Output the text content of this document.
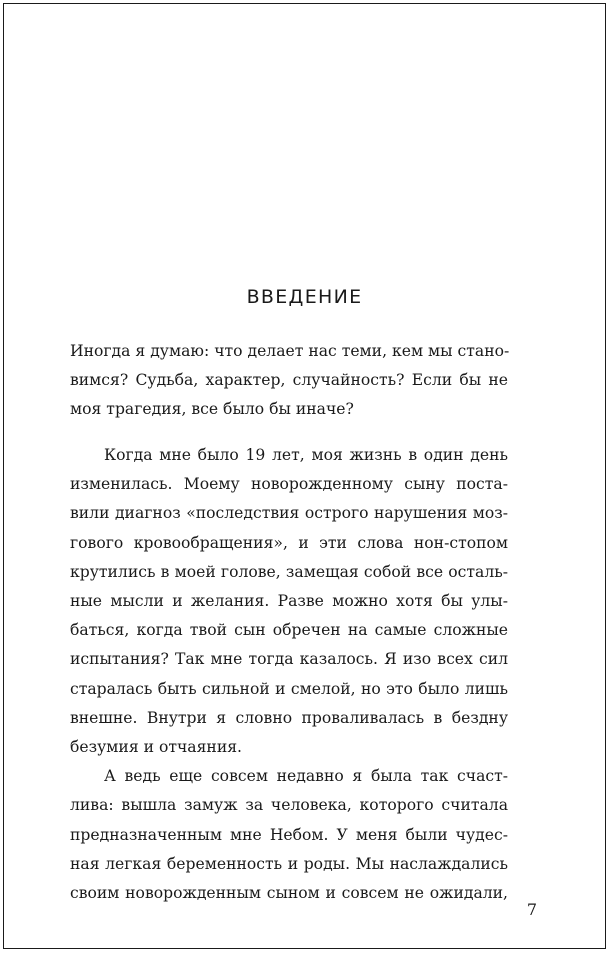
ВВЕДЕНИЕ
Иногда я думаю: что делает нас теми, кем мы стано-
вимся? Судьба, характер, случайность? Если бы не
моя трагедия, все было бы иначе?
Когда мне было 19 лет, моя жизнь в один день
изменилась. Моему новорожденному сыну поста-
вили диагноз «последствия острого нарушения моз-
гового кровообращения», и эти слова нон-стопом
крутились в моей голове, замещая собой все осталь-
ные мысли и желания. Разве можно хотя бы улы-
баться, когда твой сын обречен на самые сложные
испытания? Так мне тогда казалось. Я изо всех сил
старалась быть сильной и смелой, но это было лишь
внешне. Внутри я словно проваливалась в бездну
безумия и отчаяния.
А ведь еще совсем недавно я была так счаст-
лива: вышла замуж за человека, которого считала
предназначенным мне Небом. У меня были чудес-
ная легкая беременность и роды. Мы наслаждались
своим новорожденным сыном и совсем не ожидали,
7
